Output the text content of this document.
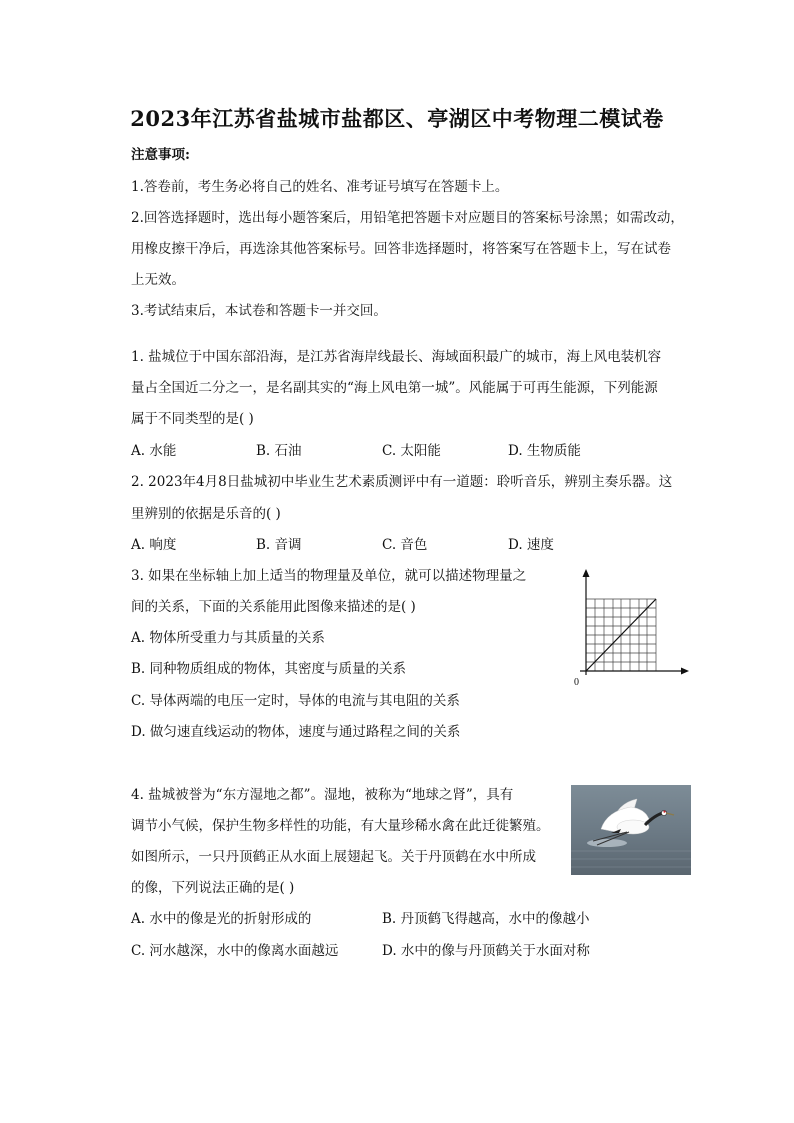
2023年江苏省盐城市盐都区、亭湖区中考物理二模试卷
注意事项:
1.答卷前，考生务必将自己的姓名、准考证号填写在答题卡上。
2.回答选择题时，选出每小题答案后，用铅笔把答题卡对应题目的答案标号涂黑；如需改动，
用橡皮擦干净后，再选涂其他答案标号。回答非选择题时，将答案写在答题卡上，写在试卷
上无效。
3.考试结束后，本试卷和答题卡一并交回。
1. 盐城位于中国东部沿海，是江苏省海岸线最长、海域面积最广的城市，海上风电装机容
量占全国近二分之一，是名副其实的“海上风电第一城”。风能属于可再生能源，下列能源
属于不同类型的是( )
A. 水能	B. 石油	C. 太阳能	D. 生物质能
2. 2023年4月8日盐城初中毕业生艺术素质测评中有一道题：聆听音乐，辨别主奏乐器。这
里辨别的依据是乐音的( )
A. 响度	B. 音调	C. 音色	D. 速度
3. 如果在坐标轴上加上适当的物理量及单位，就可以描述物理量之
间的关系，下面的关系能用此图像来描述的是( )
A. 物体所受重力与其质量的关系
B. 同种物质组成的物体，其密度与质量的关系
C. 导体两端的电压一定时，导体的电流与其电阻的关系
D. 做匀速直线运动的物体，速度与通过路程之间的关系
0
4. 盐城被誉为“东方湿地之都”。湿地，被称为“地球之肾”，具有
调节小气候，保护生物多样性的功能，有大量珍稀水禽在此迁徙繁殖。
如图所示，一只丹顶鹤正从水面上展翅起飞。关于丹顶鹤在水中所成
的像，下列说法正确的是( )
A. 水中的像是光的折射形成的	B. 丹顶鹤飞得越高，水中的像越小
C. 河水越深，水中的像离水面越远	D. 水中的像与丹顶鹤关于水面对称
